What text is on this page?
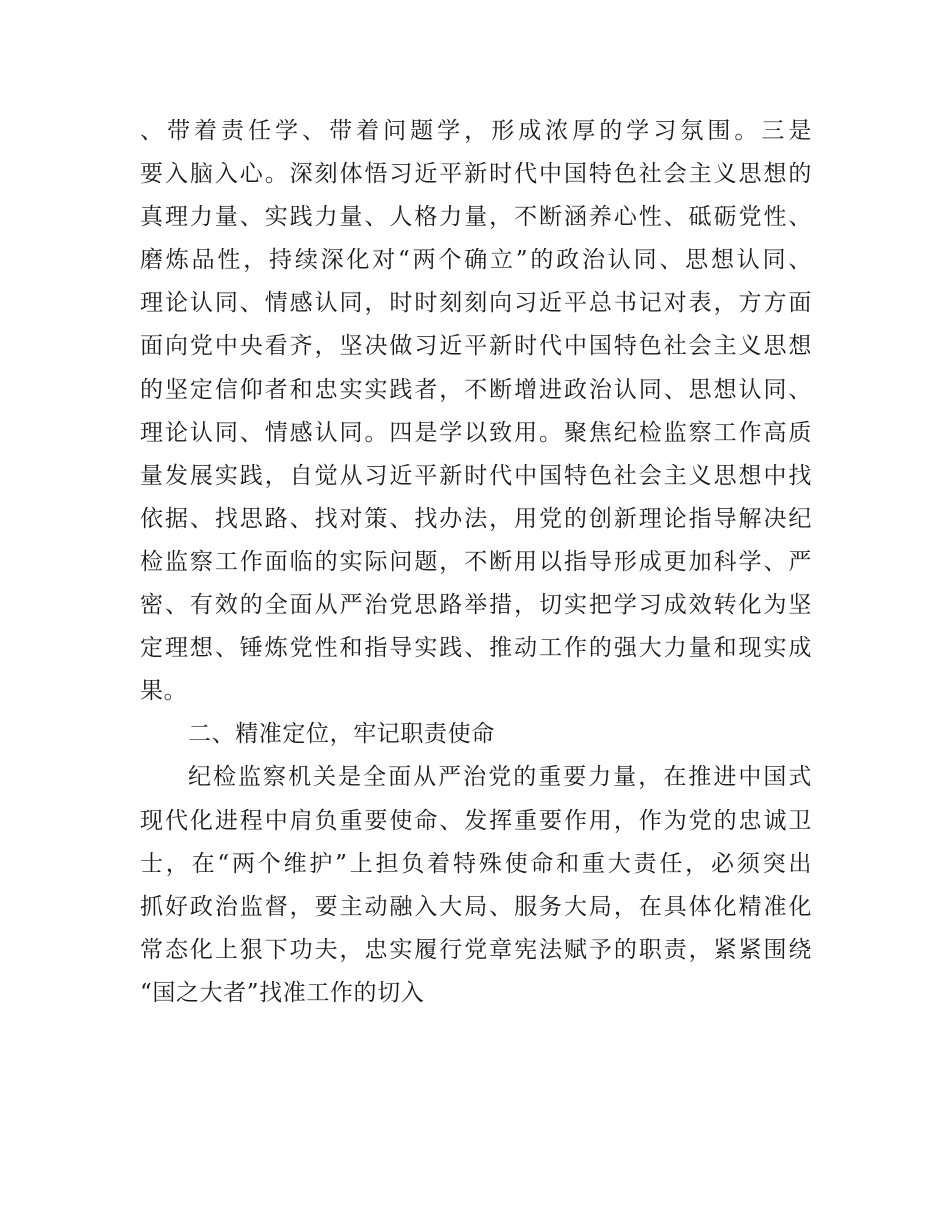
、带着责任学、带着问题学，形成浓厚的学习氛围。三是
要入脑入心。深刻体悟习近平新时代中国特色社会主义思想的
真理力量、实践力量、人格力量，不断涵养心性、砥砺党性、
磨炼品性，持续深化对“两个确立”的政治认同、思想认同、
理论认同、情感认同，时时刻刻向习近平总书记对表，方方面
面向党中央看齐，坚决做习近平新时代中国特色社会主义思想
的坚定信仰者和忠实实践者，不断增进政治认同、思想认同、
理论认同、情感认同。四是学以致用。聚焦纪检监察工作高质
量发展实践，自觉从习近平新时代中国特色社会主义思想中找
依据、找思路、找对策、找办法，用党的创新理论指导解决纪
检监察工作面临的实际问题，不断用以指导形成更加科学、严
密、有效的全面从严治党思路举措，切实把学习成效转化为坚
定理想、锤炼党性和指导实践、推动工作的强大力量和现实成
果。
二、精准定位，牢记职责使命
纪检监察机关是全面从严治党的重要力量，在推进中国式
现代化进程中肩负重要使命、发挥重要作用，作为党的忠诚卫
士，在“两个维护”上担负着特殊使命和重大责任，必须突出
抓好政治监督，要主动融入大局、服务大局，在具体化精准化
常态化上狠下功夫，忠实履行党章宪法赋予的职责，紧紧围绕
“国之大者”找准工作的切入
